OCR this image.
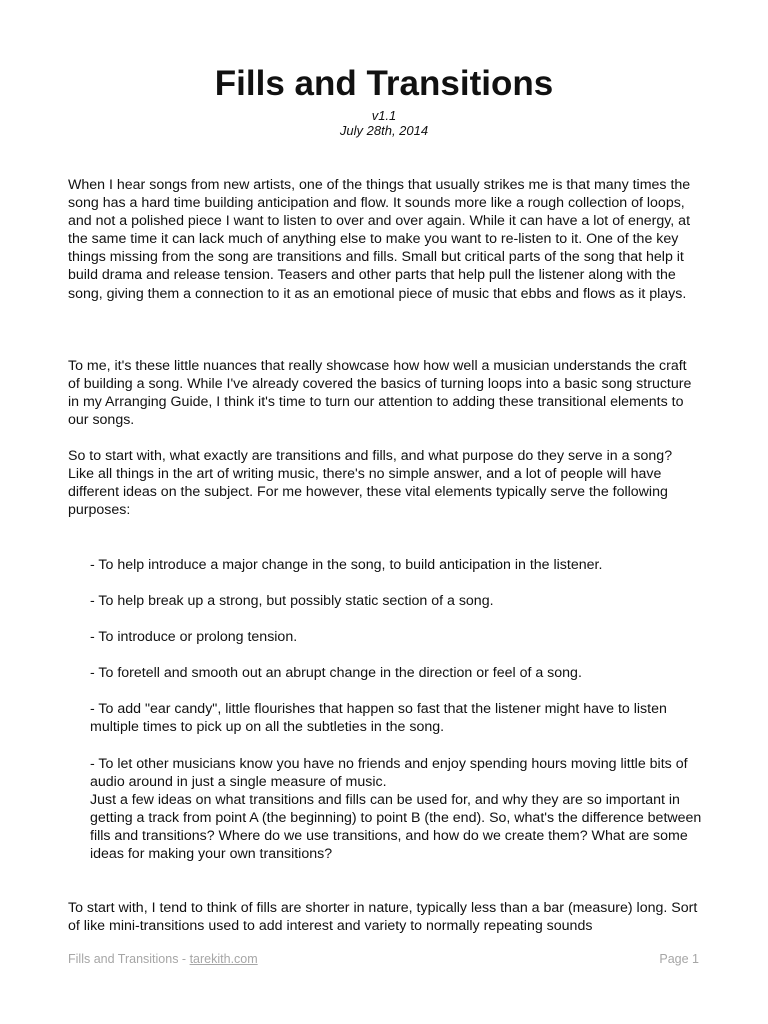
Fills and Transitions
v1.1
July 28th, 2014

When I hear songs from new artists, one of the things that usually strikes me is that many times the song has a hard time building anticipation and flow. It sounds more like a rough collection of loops, and not a polished piece I want to listen to over and over again. While it can have a lot of energy, at the same time it can lack much of anything else to make you want to re-listen to it. One of the key things missing from the song are transitions and fills. Small but critical parts of the song that help it build drama and release tension. Teasers and other parts that help pull the listener along with the song, giving them a connection to it as an emotional piece of music that ebbs and flows as it plays.

To me, it's these little nuances that really showcase how how well a musician understands the craft of building a song. While I've already covered the basics of turning loops into a basic song structure in my Arranging Guide, I think it's time to turn our attention to adding these transitional elements to our songs.

So to start with, what exactly are transitions and fills, and what purpose do they serve in a song?
Like all things in the art of writing music, there's no simple answer, and a lot of people will have different ideas on the subject. For me however, these vital elements typically serve the following purposes:

- To help introduce a major change in the song, to build anticipation in the listener.

- To help break up a strong, but possibly static section of a song.

- To introduce or prolong tension.

- To foretell and smooth out an abrupt change in the direction or feel of a song.

- To add "ear candy", little flourishes that happen so fast that the listener might have to listen multiple times to pick up on all the subtleties in the song.

- To let other musicians know you have no friends and enjoy spending hours moving little bits of audio around in just a single measure of music.
Just a few ideas on what transitions and fills can be used for, and why they are so important in getting a track from point A (the beginning) to point B (the end). So, what's the difference between fills and transitions? Where do we use transitions, and how do we create them? What are some ideas for making your own transitions?

To start with, I tend to think of fills are shorter in nature, typically less than a bar (measure) long. Sort of like mini-transitions used to add interest and variety to normally repeating sounds

Fills and Transitions - tarekith.com	Page 1
